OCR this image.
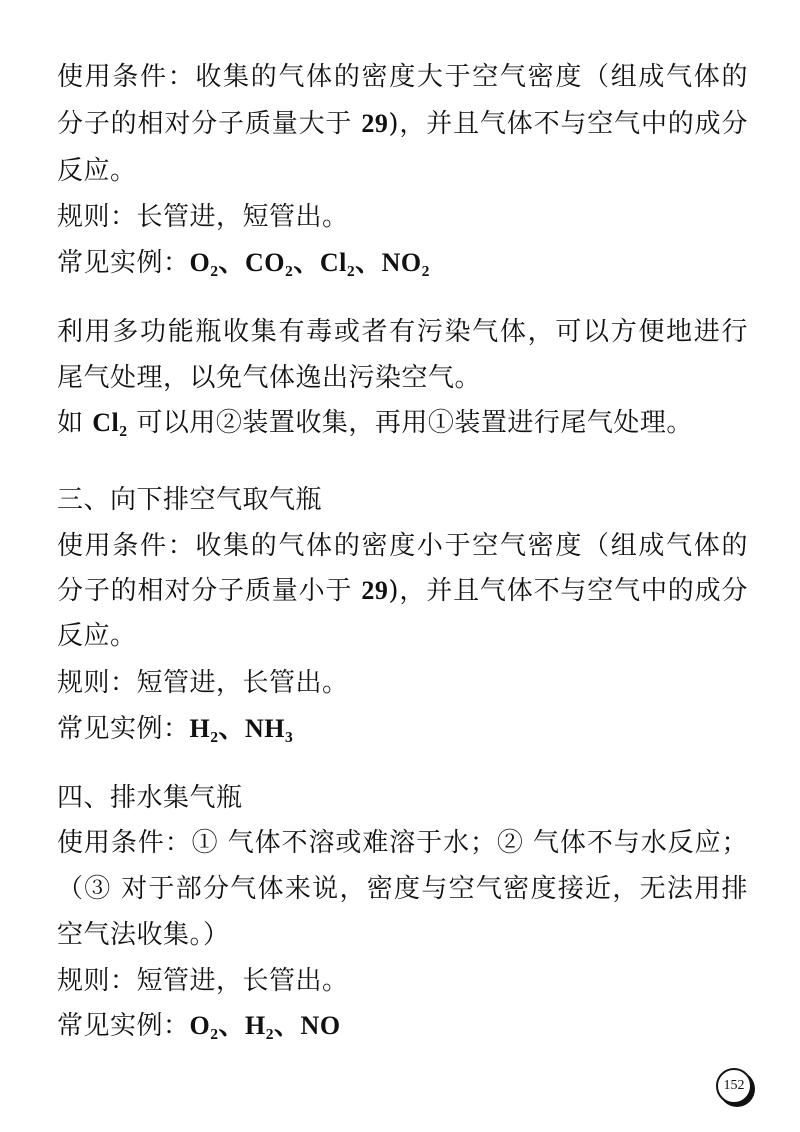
使用条件：收集的气体的密度大于空气密度（组成气体的
分子的相对分子质量大于 29)，并且气体不与空气中的成分
反应。
规则：长管进，短管出。
常见实例：O₂、CO₂、Cl₂、NO₂
利用多功能瓶收集有毒或者有污染气体，可以方便地进行
尾气处理，以免气体逸出污染空气。
如 Cl₂ 可以用②装置收集，再用①装置进行尾气处理。
三、向下排空气取气瓶
使用条件：收集的气体的密度小于空气密度（组成气体的
分子的相对分子质量小于 29)，并且气体不与空气中的成分
反应。
规则：短管进，长管出。
常见实例：H₂、NH₃
四、排水集气瓶
使用条件：① 气体不溶或难溶于水；② 气体不与水反应；
（③ 对于部分气体来说，密度与空气密度接近，无法用排
空气法收集。）
规则：短管进，长管出。
常见实例：O₂、H₂、NO
152
